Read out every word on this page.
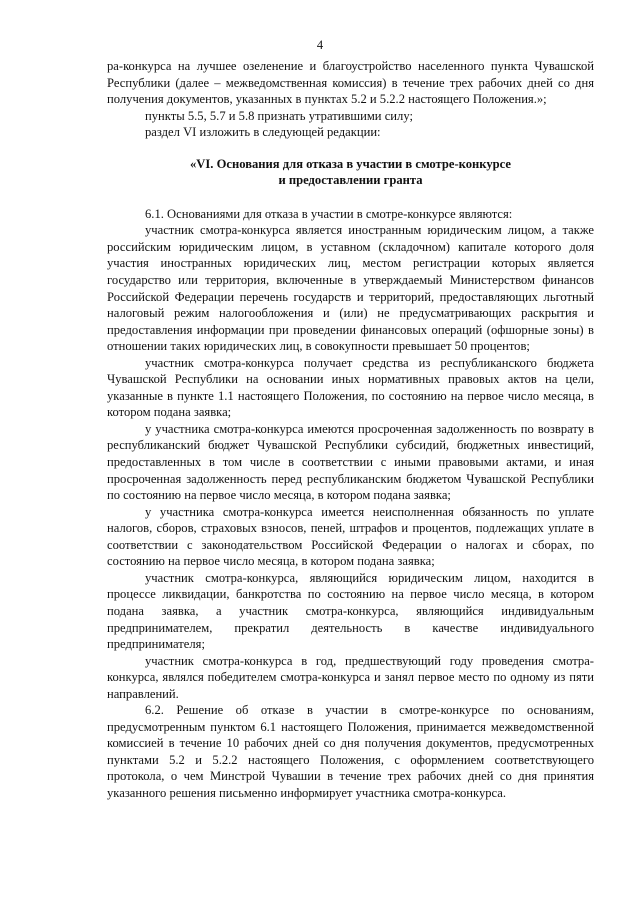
4

ра-конкурса на лучшее озеленение и благоустройство населенного пункта Чувашской Республики (далее – межведомственная комиссия) в течение трех рабочих дней со дня получения документов, указанных в пунктах 5.2 и 5.2.2 настоящего Положения.»;

пункты 5.5, 5.7 и 5.8 признать утратившими силу;

раздел VI изложить в следующей редакции:

«VI. Основания для отказа в участии в смотре-конкурсе
и предоставлении гранта

6.1. Основаниями для отказа в участии в смотре-конкурсе являются:

участник смотра-конкурса является иностранным юридическим лицом, а также российским юридическим лицом, в уставном (складочном) капитале которого доля участия иностранных юридических лиц, местом регистрации которых является государство или территория, включенные в утверждаемый Министерством финансов Российской Федерации перечень государств и территорий, предоставляющих льготный налоговый режим налогообложения и (или) не предусматривающих раскрытия и предоставления информации при проведении финансовых операций (офшорные зоны) в отношении таких юридических лиц, в совокупности превышает 50 процентов;

участник смотра-конкурса получает средства из республиканского бюджета Чувашской Республики на основании иных нормативных правовых актов на цели, указанные в пункте 1.1 настоящего Положения, по состоянию на первое число месяца, в котором подана заявка;

у участника смотра-конкурса имеются просроченная задолженность по возврату в республиканский бюджет Чувашской Республики субсидий, бюджетных инвестиций, предоставленных в том числе в соответствии с иными правовыми актами, и иная просроченная задолженность перед республиканским бюджетом Чувашской Республики по состоянию на первое число месяца, в котором подана заявка;

у участника смотра-конкурса имеется неисполненная обязанность по уплате налогов, сборов, страховых взносов, пеней, штрафов и процентов, подлежащих уплате в соответствии с законодательством Российской Федерации о налогах и сборах, по состоянию на первое число месяца, в котором подана заявка;

участник смотра-конкурса, являющийся юридическим лицом, находится в процессе ликвидации, банкротства по состоянию на первое число месяца, в котором подана заявка, а участник смотра-конкурса, являющийся индивидуальным предпринимателем, прекратил деятельность в качестве индивидуального предпринимателя;

участник смотра-конкурса в год, предшествующий году проведения смотра-конкурса, являлся победителем смотра-конкурса и занял первое место по одному из пяти направлений.

6.2. Решение об отказе в участии в смотре-конкурсе по основаниям, предусмотренным пунктом 6.1 настоящего Положения, принимается межведомственной комиссией в течение 10 рабочих дней со дня получения документов, предусмотренных пунктами 5.2 и 5.2.2 настоящего Положения, с оформлением соответствующего протокола, о чем Минстрой Чувашии в течение трех рабочих дней со дня принятия указанного решения письменно информирует участника смотра-конкурса.
